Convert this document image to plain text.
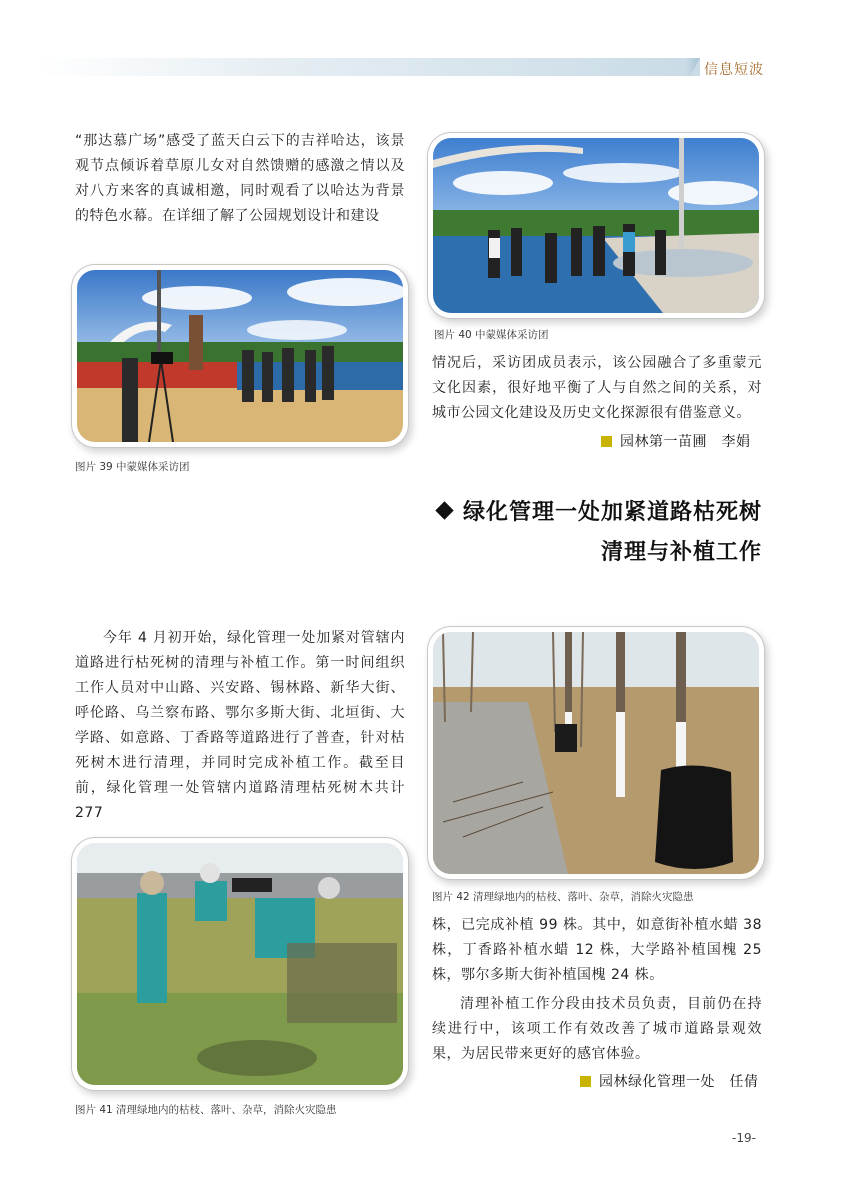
信息短波

“那达慕广场”感受了蓝天白云下的吉祥哈达，该景观节点倾诉着草原儿女对自然馈赠的感激之情以及对八方来客的真诚相邀，同时观看了以哈达为背景的特色水幕。在详细了解了公园规划设计和建设

图片 40 中蒙媒体采访团
图片 39 中蒙媒体采访团

情况后，采访团成员表示，该公园融合了多重蒙元文化因素，很好地平衡了人与自然之间的关系，对城市公园文化建设及历史文化探源很有借鉴意义。

园林第一苗圃　李娟
绿化管理一处加紧道路枯死树
清理与补植工作

今年 4 月初开始，绿化管理一处加紧对管辖内道路进行枯死树的清理与补植工作。第一时间组织工作人员对中山路、兴安路、锡林路、新华大街、呼伦路、乌兰察布路、鄂尔多斯大街、北垣街、大学路、如意路、丁香路等道路进行了普查，针对枯死树木进行清理，并同时完成补植工作。截至目前，绿化管理一处管辖内道路清理枯死树木共计 277

图片 42 清理绿地内的枯枝、落叶、杂草，消除火灾隐患
图片 41 清理绿地内的枯枝、落叶、杂草，消除火灾隐患

株，已完成补植 99 株。其中，如意街补植水蜡 38 株，丁香路补植水蜡 12 株，大学路补植国槐 25 株，鄂尔多斯大街补植国槐 24 株。

清理补植工作分段由技术员负责，目前仍在持续进行中，该项工作有效改善了城市道路景观效果，为居民带来更好的感官体验。

园林绿化管理一处　任倩
-19-
